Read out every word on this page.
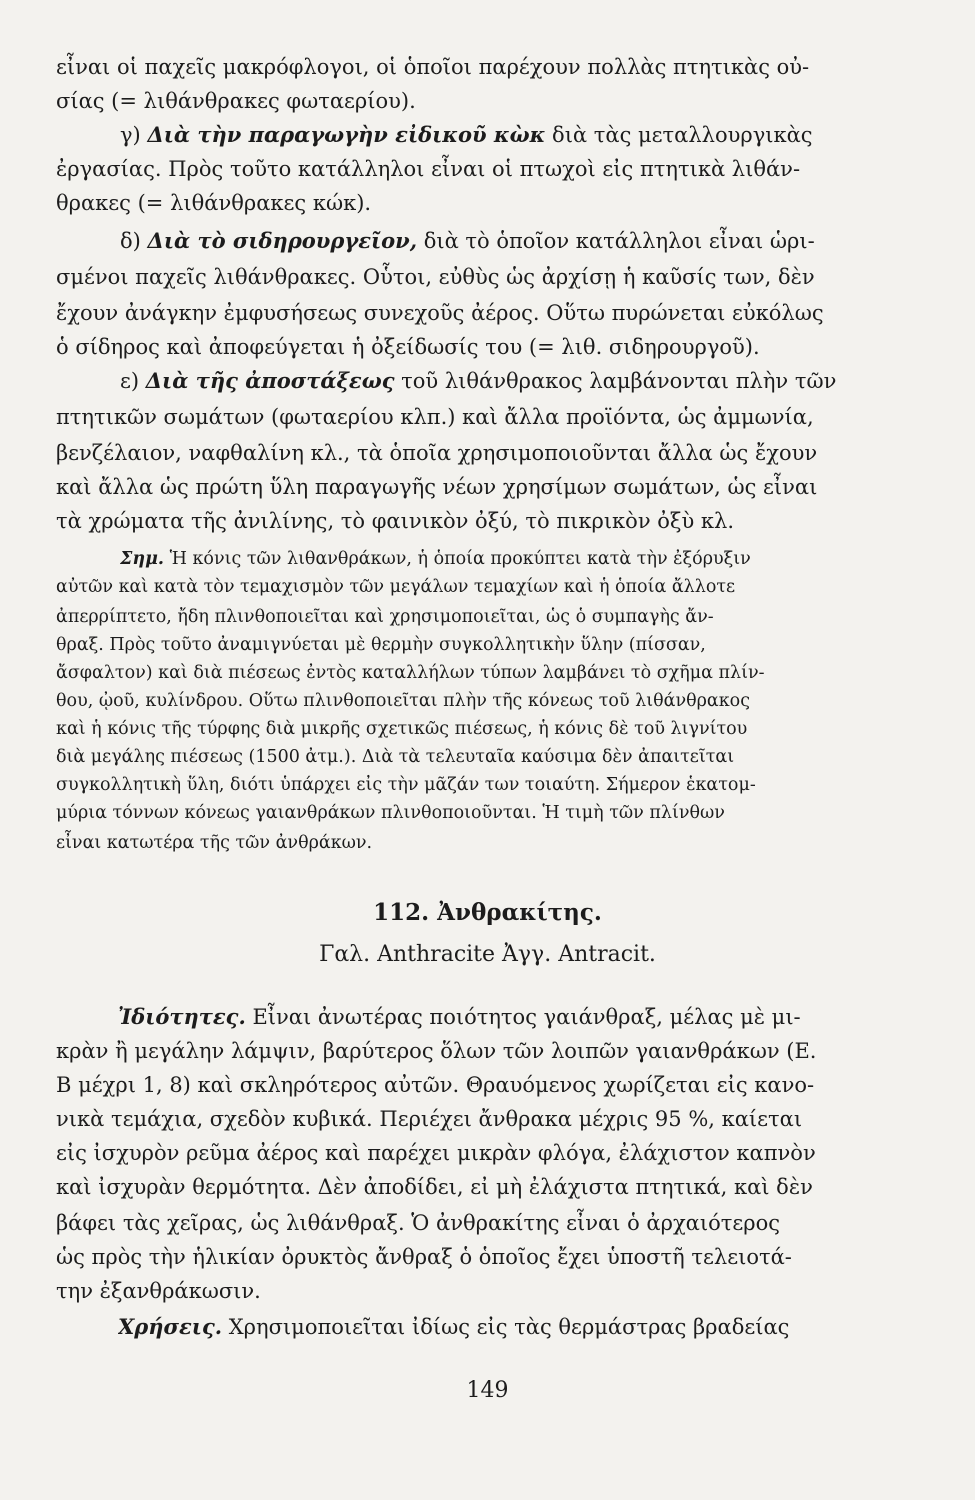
εἶναι οἱ παχεῖς μακρόφλογοι, οἱ ὁποῖοι παρέχουν πολλὰς πτητικὰς οὐ-
σίας (= λιθάνθρακες φωταερίου).
γ) Διὰ τὴν παραγωγὴν εἰδικοῦ κὼκ διὰ τὰς μεταλλουργικὰς
ἐργασίας. Πρὸς τοῦτο κατάλληλοι εἶναι οἱ πτωχοὶ εἰς πτητικὰ λιθάν-
θρακες (= λιθάνθρακες κώκ).
δ) Διὰ τὸ σιδηρουργεῖον, διὰ τὸ ὁποῖον κατάλληλοι εἶναι ὡρι-
σμένοι παχεῖς λιθάνθρακες. Οὗτοι, εὐθὺς ὡς ἀρχίσῃ ἡ καῦσίς των, δὲν
ἔχουν ἀνάγκην ἐμφυσήσεως συνεχοῦς ἀέρος. Οὕτω πυρώνεται εὐκόλως
ὁ σίδηρος καὶ ἀποφεύγεται ἡ ὀξείδωσίς του (= λιθ. σιδηρουργοῦ).
ε) Διὰ τῆς ἀποστάξεως τοῦ λιθάνθρακος λαμβάνονται πλὴν τῶν
πτητικῶν σωμάτων (φωταερίου κλπ.) καὶ ἄλλα προϊόντα, ὡς ἀμμωνία,
βενζέλαιον, ναφθαλίνη κλ., τὰ ὁποῖα χρησιμοποιοῦνται ἄλλα ὡς ἔχουν
καὶ ἄλλα ὡς πρώτη ὕλη παραγωγῆς νέων χρησίμων σωμάτων, ὡς εἶναι
τὰ χρώματα τῆς ἀνιλίνης, τὸ φαινικὸν ὀξύ, τὸ πικρικὸν ὀξὺ κλ.
Σημ. Ἡ κόνις τῶν λιθανθράκων, ἡ ὁποία προκύπτει κατὰ τὴν ἐξόρυξιν
αὐτῶν καὶ κατὰ τὸν τεμαχισμὸν τῶν μεγάλων τεμαχίων καὶ ἡ ὁποία ἄλλοτε
ἀπερρίπτετο, ἤδη πλινθοποιεῖται καὶ χρησιμοποιεῖται, ὡς ὁ συμπαγὴς ἄν-
θραξ. Πρὸς τοῦτο ἀναμιγνύεται μὲ θερμὴν συγκολλητικὴν ὕλην (πίσσαν,
ἄσφαλτον) καὶ διὰ πιέσεως ἐντὸς καταλλήλων τύπων λαμβάνει τὸ σχῆμα πλίν-
θου, ᾠοῦ, κυλίνδρου. Οὕτω πλινθοποιεῖται πλὴν τῆς κόνεως τοῦ λιθάνθρακος
καὶ ἡ κόνις τῆς τύρφης διὰ μικρῆς σχετικῶς πιέσεως, ἡ κόνις δὲ τοῦ λιγνίτου
διὰ μεγάλης πιέσεως (1500 ἀτμ.). Διὰ τὰ τελευταῖα καύσιμα δὲν ἀπαιτεῖται
συγκολλητικὴ ὕλη, διότι ὑπάρχει εἰς τὴν μᾶζάν των τοιαύτη. Σήμερον ἑκατομ-
μύρια τόννων κόνεως γαιανθράκων πλινθοποιοῦνται. Ἡ τιμὴ τῶν πλίνθων
εἶναι κατωτέρα τῆς τῶν ἀνθράκων.
112. Ἀνθρακίτης.
Γαλ. Anthracite Ἀγγ. Antracit.
Ἰδιότητες. Εἶναι ἀνωτέρας ποιότητος γαιάνθραξ, μέλας μὲ μι-
κρὰν ἢ μεγάλην λάμψιν, βαρύτερος ὅλων τῶν λοιπῶν γαιανθράκων (Ε.
Β μέχρι 1, 8) καὶ σκληρότερος αὐτῶν. Θραυόμενος χωρίζεται εἰς κανο-
νικὰ τεμάχια, σχεδὸν κυβικά. Περιέχει ἄνθρακα μέχρις 95 %, καίεται
εἰς ἰσχυρὸν ρεῦμα ἀέρος καὶ παρέχει μικρὰν φλόγα, ἐλάχιστον καπνὸν
καὶ ἰσχυρὰν θερμότητα. Δὲν ἀποδίδει, εἰ μὴ ἐλάχιστα πτητικά, καὶ δὲν
βάφει τὰς χεῖρας, ὡς λιθάνθραξ. Ὁ ἀνθρακίτης εἶναι ὁ ἀρχαιότερος
ὡς πρὸς τὴν ἡλικίαν ὀρυκτὸς ἄνθραξ ὁ ὁποῖος ἔχει ὑποστῆ τελειοτά-
την ἐξανθράκωσιν.
Χρήσεις. Χρησιμοποιεῖται ἰδίως εἰς τὰς θερμάστρας βραδείας
149
